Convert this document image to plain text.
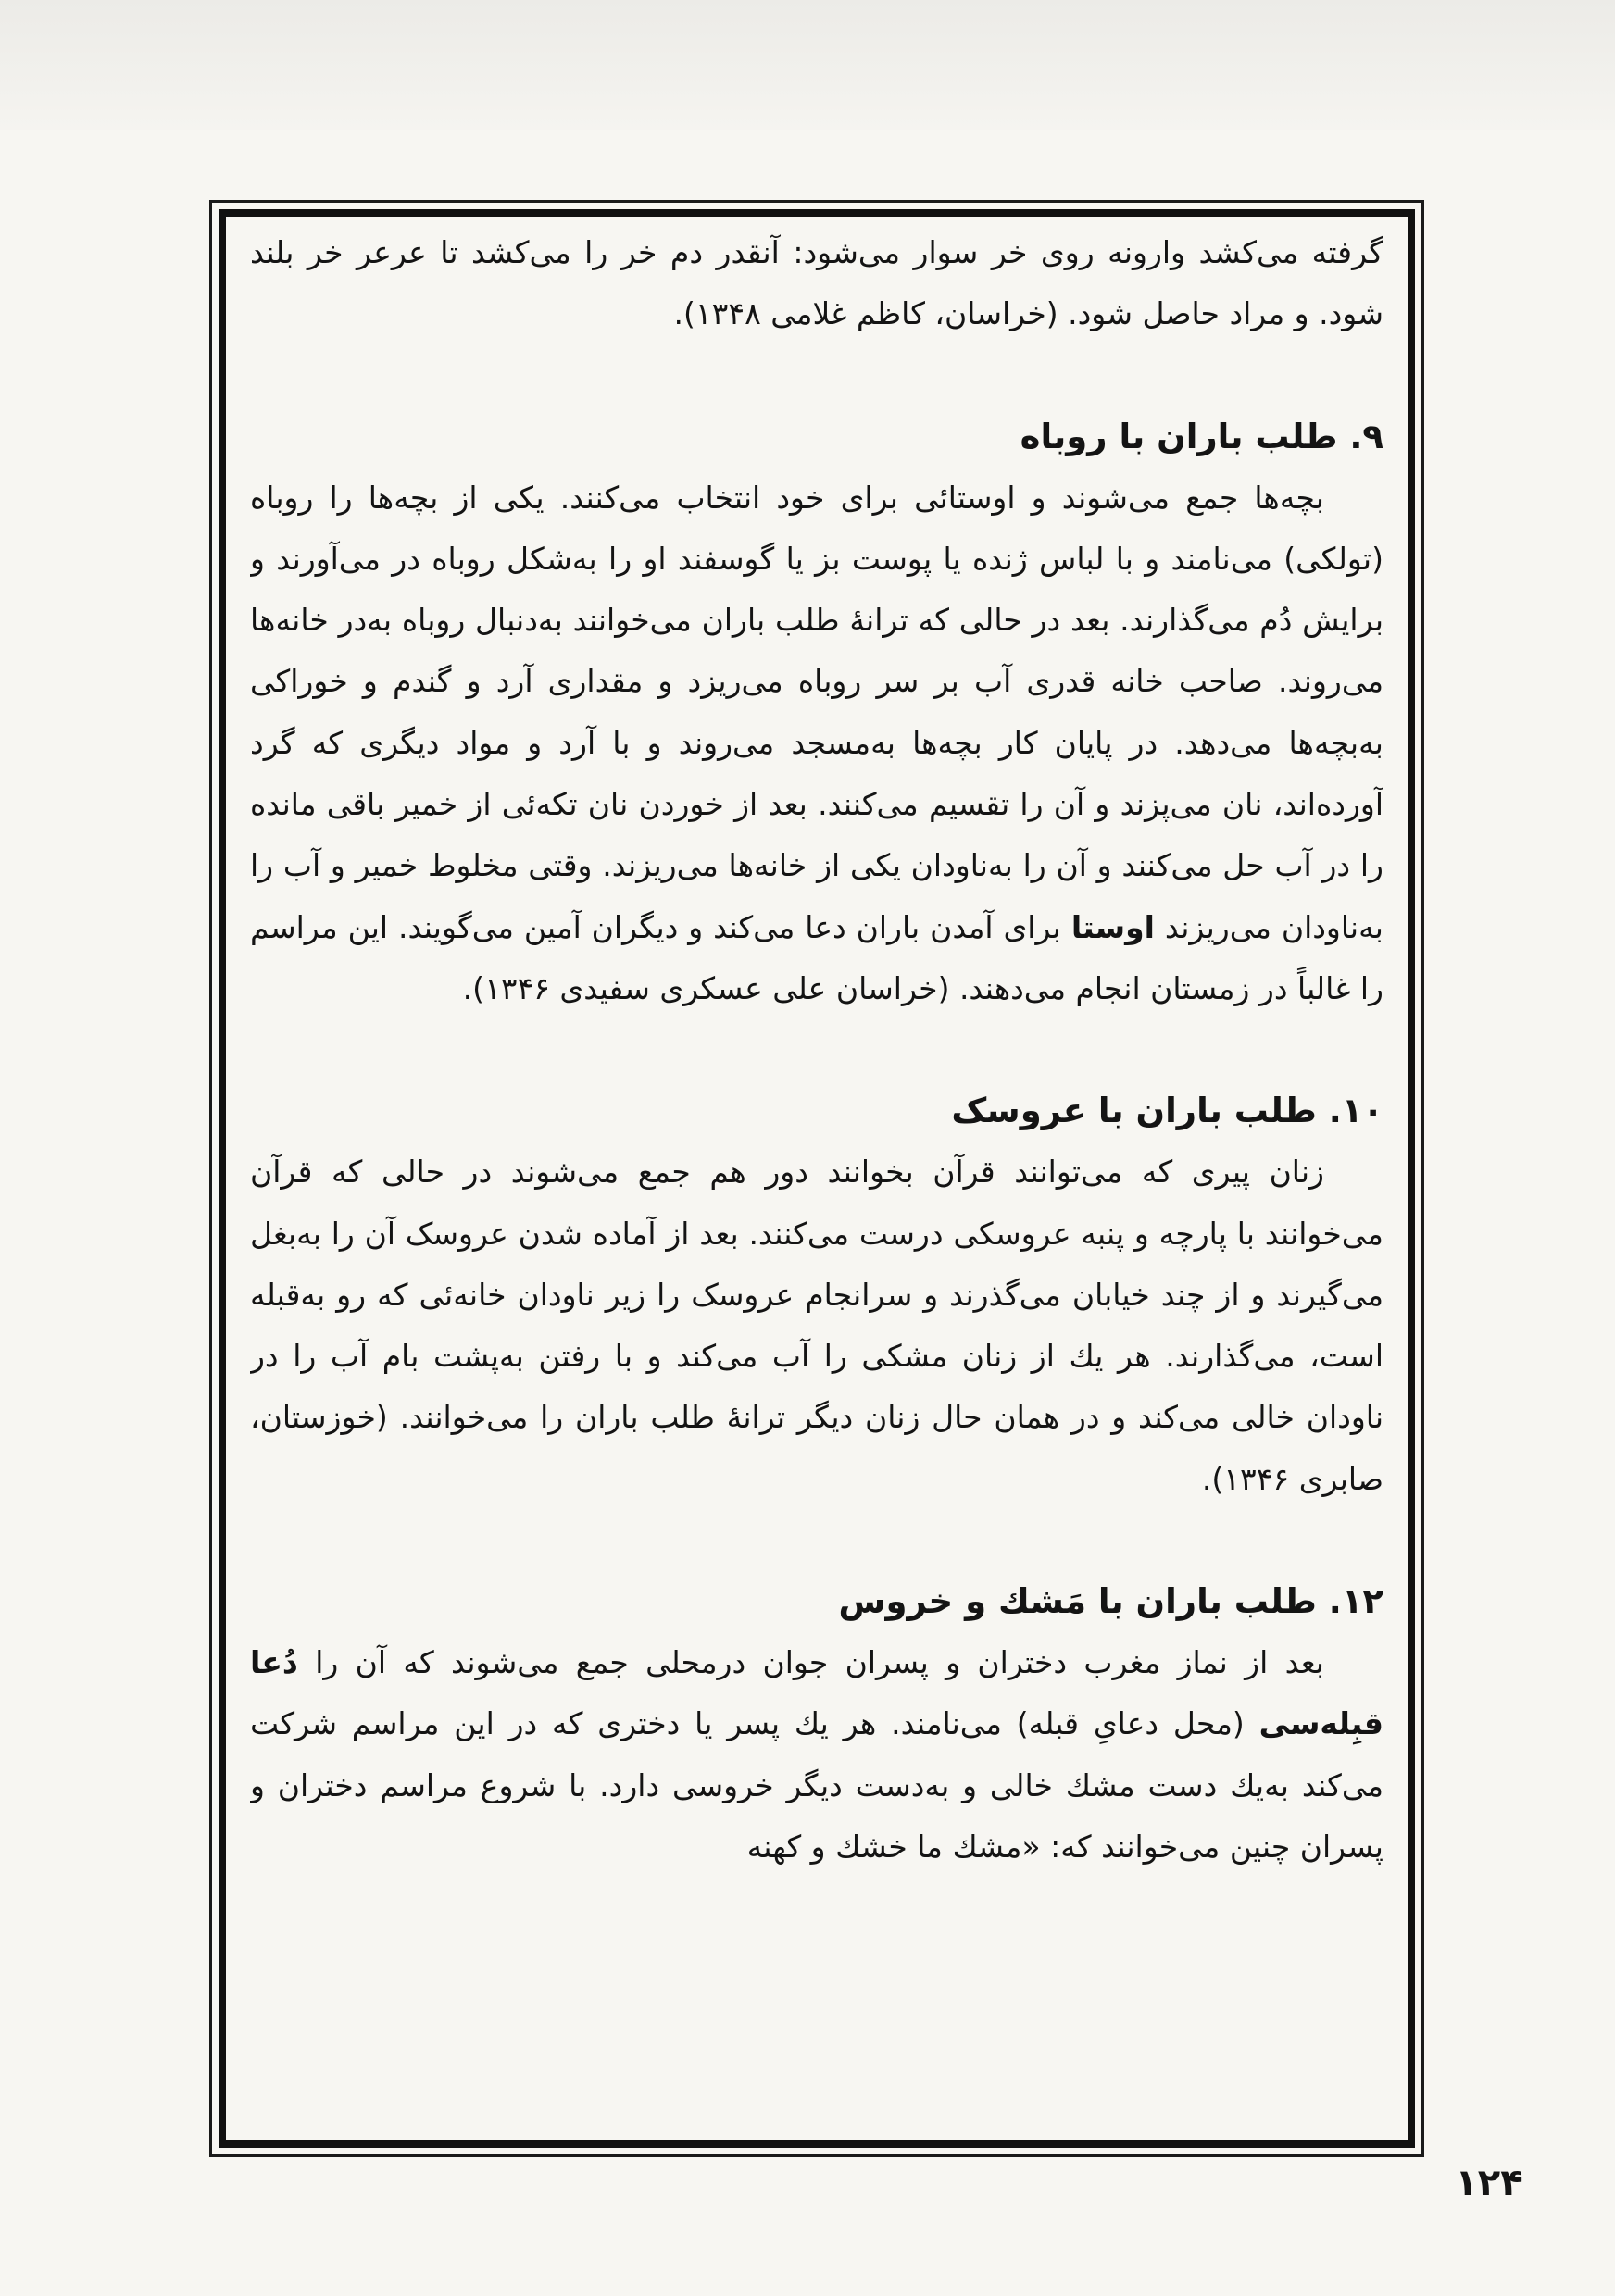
گرفته می‌کشد وارونه روی خر سوار می‌شود: آنقدر دم خر را می‌کشد تا عرعر خر بلند شود. و مراد حاصل شود. (خراسان، کاظم غلامی ۱۳۴۸).

۹. طلب باران با روباه

بچه‌ها جمع می‌شوند و اوستائی برای خود انتخاب می‌کنند. یکی از بچه‌ها را روباه (تولکی) می‌نامند و با لباس ژنده یا پوست بز یا گوسفند او را به‌شکل روباه در می‌آورند و برایش دُم می‌گذارند. بعد در حالی که ترانهٔ طلب باران می‌خوانند به‌دنبال روباه به‌در خانه‌ها می‌روند. صاحب خانه قدری آب بر سر روباه می‌ریزد و مقداری آرد و گندم و خوراکی به‌بچه‌ها می‌دهد. در پایان کار بچه‌ها به‌مسجد می‌روند و با آرد و مواد دیگری که گرد آورده‌اند، نان می‌پزند و آن را تقسیم می‌کنند. بعد از خوردن نان تکه‌ئی از خمیر باقی مانده را در آب حل می‌کنند و آن را به‌ناودان یکی از خانه‌ها می‌ریزند. وقتی مخلوط خمیر و آب را به‌ناودان می‌ریزند اوستا برای آمدن باران دعا می‌کند و دیگران آمین می‌گویند. این مراسم را غالباً در زمستان انجام می‌دهند. (خراسان علی عسکری سفیدی ۱۳۴۶).

۱۰. طلب باران با عروسک

زنان پیری که می‌توانند قرآن بخوانند دور هم جمع می‌شوند در حالی که قرآن می‌خوانند با پارچه و پنبه عروسکی درست می‌کنند. بعد از آماده شدن عروسک آن را به‌بغل می‌گیرند و از چند خیابان می‌گذرند و سرانجام عروسک را زیر ناودان خانه‌ئی که رو به‌قبله است، می‌گذارند. هر یك از زنان مشکی را آب می‌کند و با رفتن به‌پشت بام آب را در ناودان خالی می‌کند و در همان حال زنان دیگر ترانهٔ طلب باران را می‌خوانند. (خوزستان، صابری ۱۳۴۶).

۱۲. طلب باران با مَشك و خروس

بعد از نماز مغرب دختران و پسران جوان درمحلی جمع می‌شوند که آن را دُعا قبِله‌سی (محل دعایِ قبله) می‌نامند. هر یك پسر یا دختری که در این مراسم شرکت می‌کند به‌یك دست مشك خالی و به‌دست دیگر خروسی دارد. با شروع مراسم دختران و پسران چنین می‌خوانند که: «مشك ما خشك و کهنه

۱۲۴
